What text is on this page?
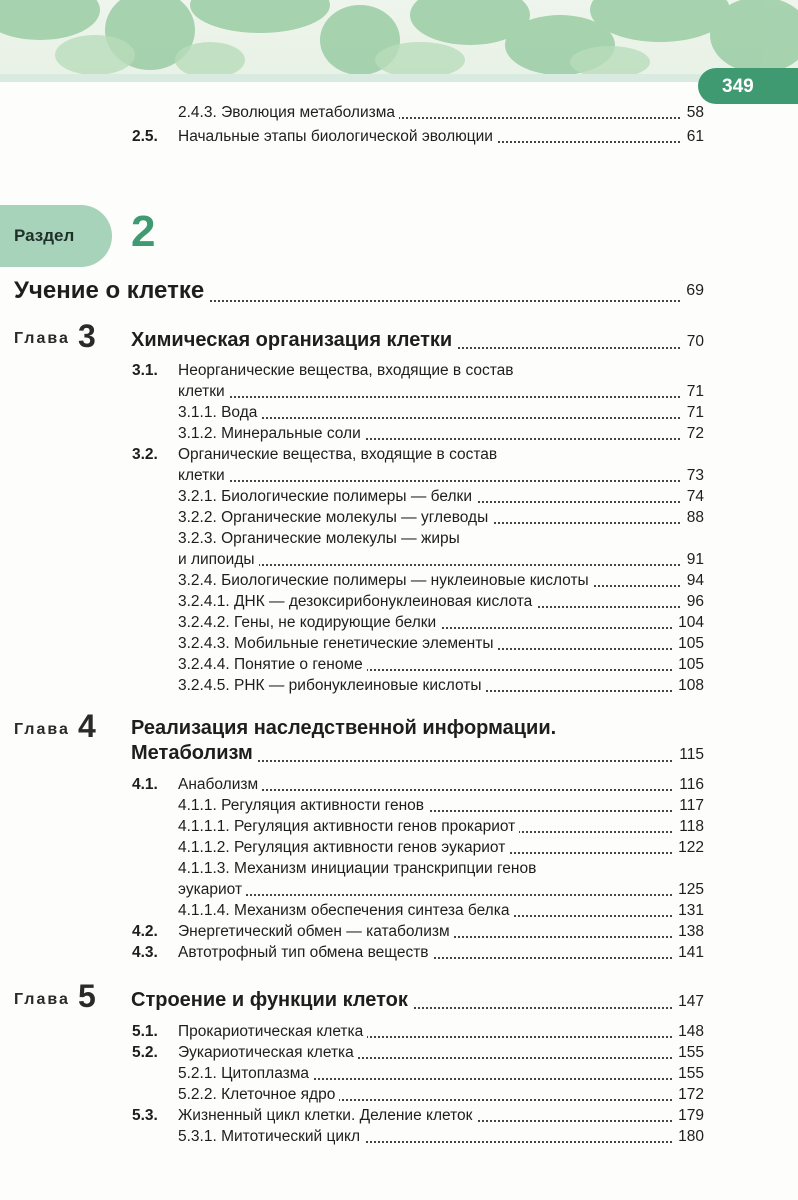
349
2.4.3. Эволюция метаболизма	58
2.5. Начальные этапы биологической эволюции	61
Раздел 2
Учение о клетке	69
Глава 3 Химическая организация клетки	70
3.1. Неорганические вещества, входящие в состав
клетки	71
3.1.1. Вода	71
3.1.2. Минеральные соли	72
3.2. Органические вещества, входящие в состав
клетки	73
3.2.1. Биологические полимеры — белки	74
3.2.2. Органические молекулы — углеводы	88
3.2.3. Органические молекулы — жиры
и липоиды	91
3.2.4. Биологические полимеры — нуклеиновые кислоты	94
3.2.4.1. ДНК — дезоксирибонуклеиновая кислота	96
3.2.4.2. Гены, не кодирующие белки	104
3.2.4.3. Мобильные генетические элементы	105
3.2.4.4. Понятие о геноме	105
3.2.4.5. РНК — рибонуклеиновые кислоты	108
Глава 4 Реализация наследственной информации.
Метаболизм	115
4.1. Анаболизм	116
4.1.1. Регуляция активности генов	117
4.1.1.1. Регуляция активности генов прокариот	118
4.1.1.2. Регуляция активности генов эукариот	122
4.1.1.3. Механизм инициации транскрипции генов
эукариот	125
4.1.1.4. Механизм обеспечения синтеза белка	131
4.2. Энергетический обмен — катаболизм	138
4.3. Автотрофный тип обмена веществ	141
Глава 5 Строение и функции клеток	147
5.1. Прокариотическая клетка	148
5.2. Эукариотическая клетка	155
5.2.1. Цитоплазма	155
5.2.2. Клеточное ядро	172
5.3. Жизненный цикл клетки. Деление клеток	179
5.3.1. Митотический цикл	180
